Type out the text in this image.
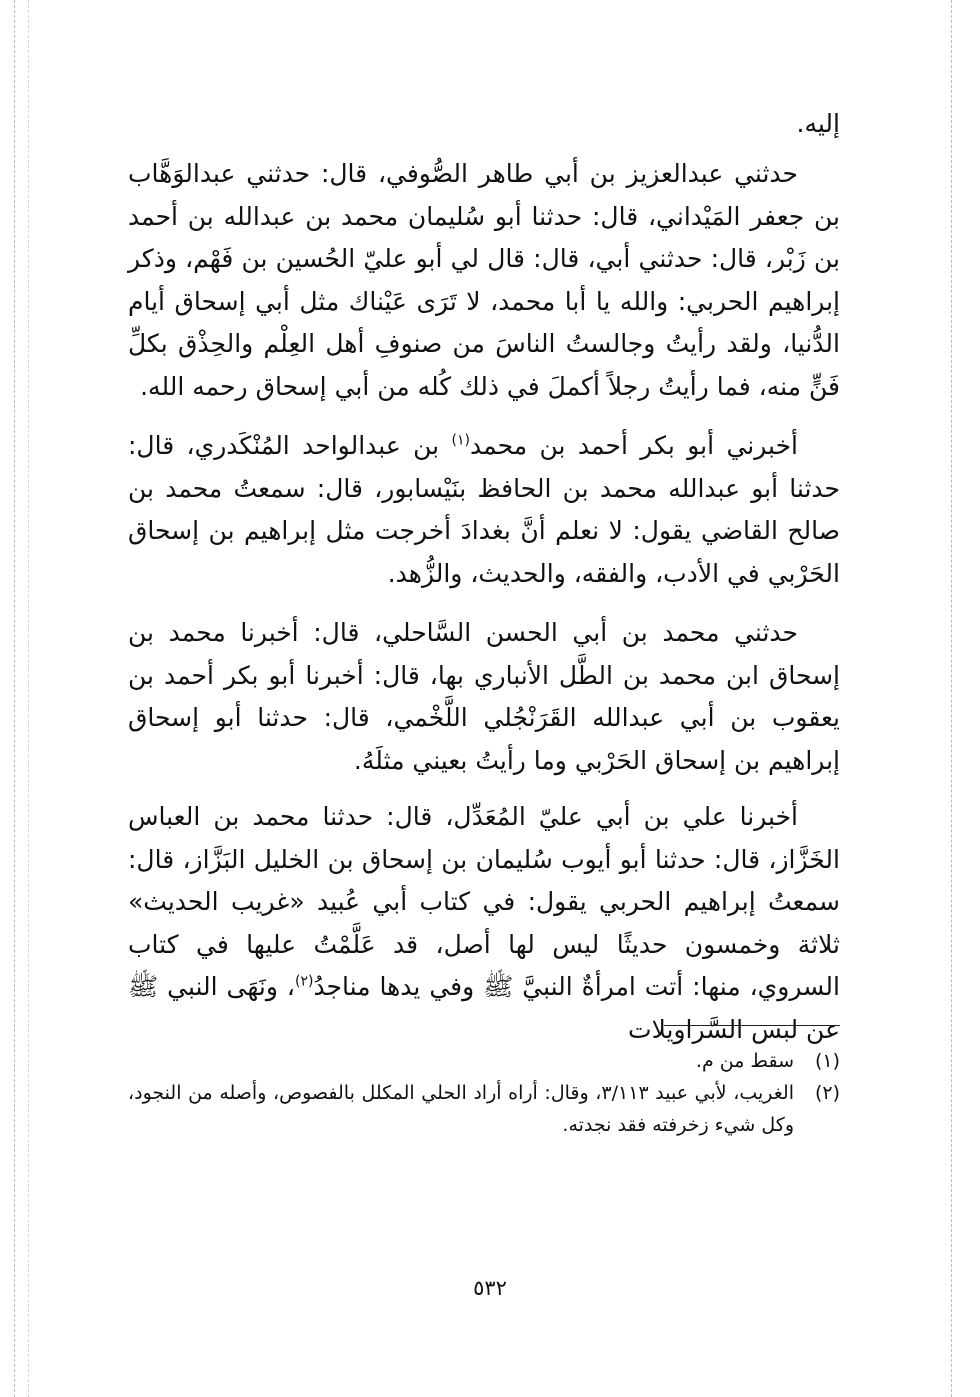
إليه.
حدثني عبدالعزيز بن أبي طاهر الصُّوفي، قال: حدثني عبدالوَهَّاب بن جعفر المَيْداني، قال: حدثنا أبو سُليمان محمد بن عبدالله بن أحمد بن زَبْر، قال: حدثني أبي، قال: قال لي أبو عليّ الحُسين بن فَهْم، وذكر إبراهيم الحربي: والله يا أبا محمد، لا تَرَى عَيْناك مثل أبي إسحاق أيام الدُّنيا، ولقد رأيتُ وجالستُ الناسَ من صنوفِ أهل العِلْم والحِذْق بكلِّ فَنٍّ منه، فما رأيتُ رجلاً أكملَ في ذلك كُله من أبي إسحاق رحمه الله.
أخبرني أبو بكر أحمد بن محمد$^{(١)}$ بن عبدالواحد المُنْكَدري، قال: حدثنا أبو عبدالله محمد بن الحافظ بنَيْسابور، قال: سمعتُ محمد بن صالح القاضي يقول: لا نعلم أنَّ بغدادَ أخرجت مثل إبراهيم بن إسحاق الحَرْبي في الأدب، والفقه، والحديث، والزُّهد.
حدثني محمد بن أبي الحسن السَّاحلي، قال: أخبرنا محمد بن إسحاق ابن محمد بن الطَّل الأنباري بها، قال: أخبرنا أبو بكر أحمد بن يعقوب بن أبي عبدالله القَرَنْجُلي اللَّخْمي، قال: حدثنا أبو إسحاق إبراهيم بن إسحاق الحَرْبي وما رأيتُ بعيني مثلَهُ.
أخبرنا علي بن أبي عليّ المُعَدِّل، قال: حدثنا محمد بن العباس الخَزَّاز، قال: حدثنا أبو أيوب سُليمان بن إسحاق بن الخليل البَزَّاز، قال: سمعتُ إبراهيم الحربي يقول: في كتاب أبي عُبيد «غريب الحديث» ثلاثة وخمسون حديثًا ليس لها أصل، قد عَلَّمْتُ عليها في كتاب السروي، منها: أتت امرأةٌ النبيَّ ﷺ وفي يدها مناجدُ$^{(٢)}$، ونَهَى النبي ﷺ عن لبس السَّراويلات
(١)
سقط من م.
(٢)
الغريب، لأبي عبيد ٣/١١٣، وقال: أراه أراد الحلي المكلل بالفصوص، وأصله من النجود، وكل شيء زخرفته فقد نجدته.
٥٣٢
